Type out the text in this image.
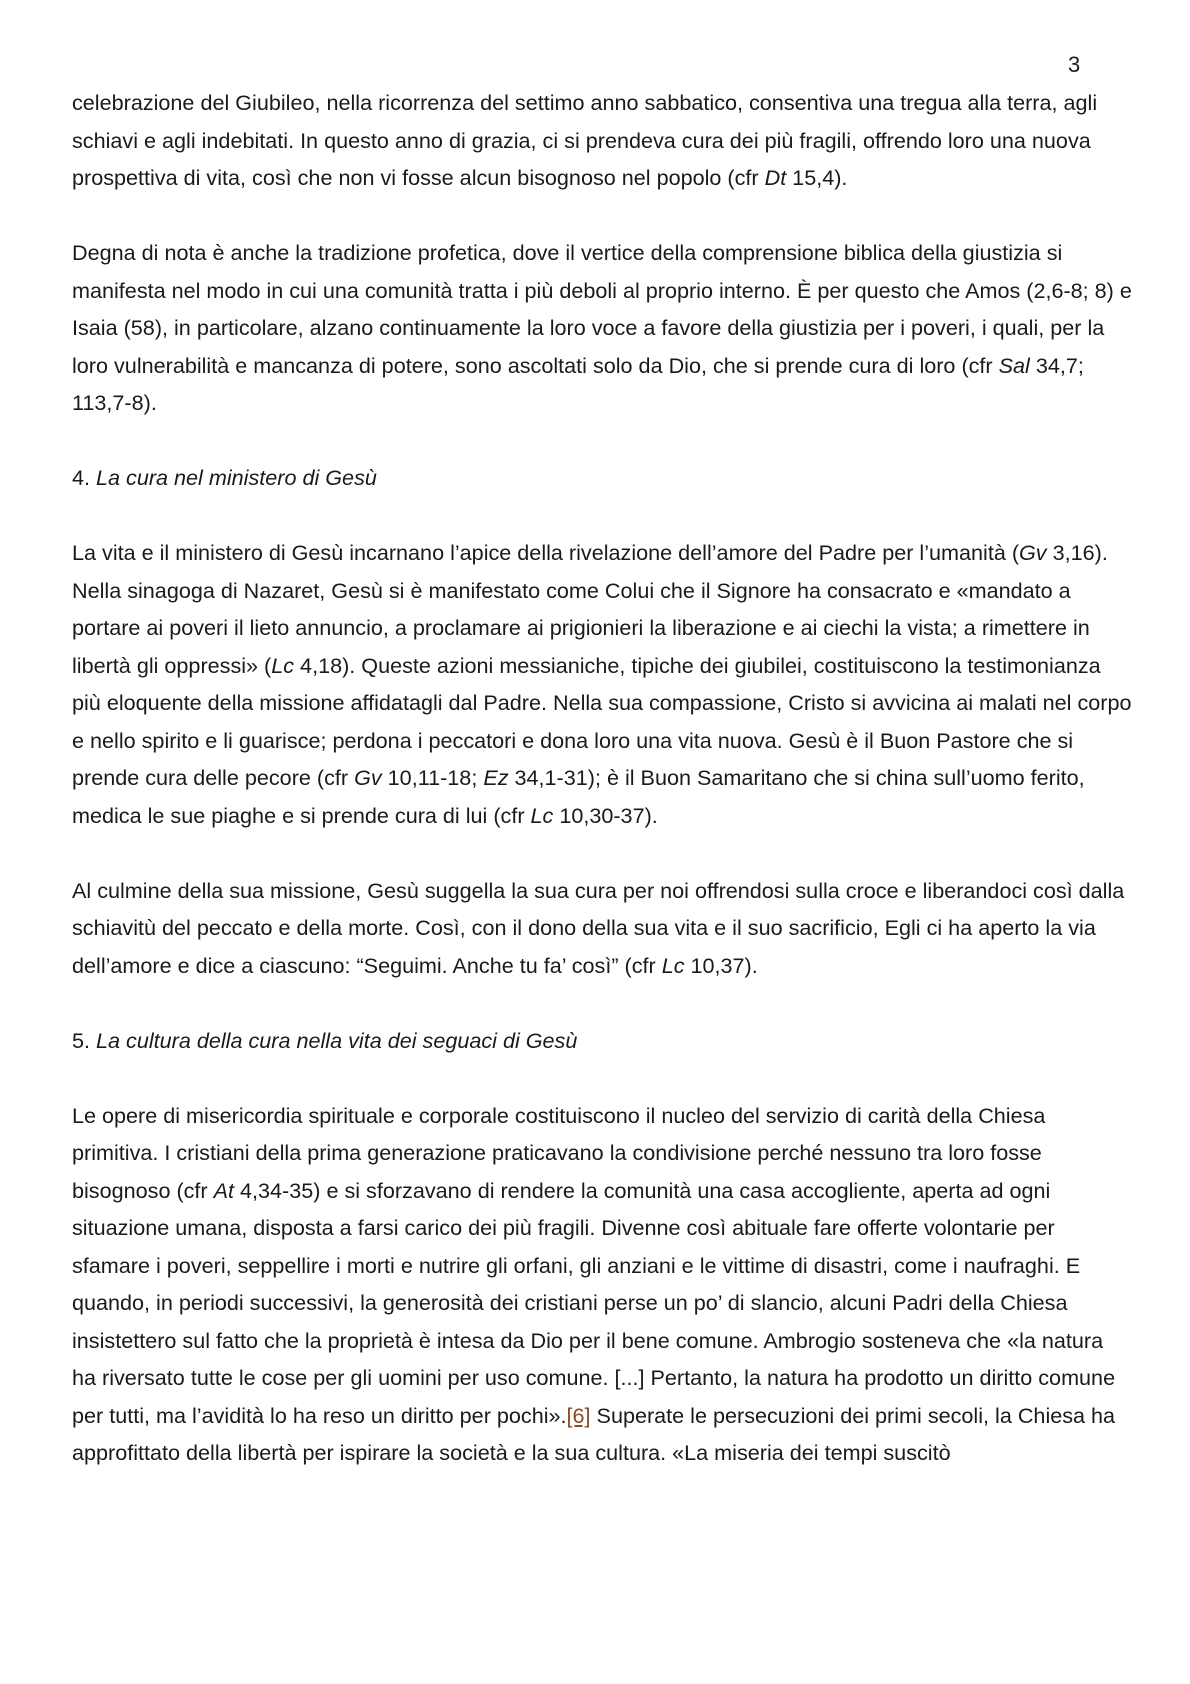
3

celebrazione del Giubileo, nella ricorrenza del settimo anno sabbatico, consentiva una tregua alla terra, agli schiavi e agli indebitati. In questo anno di grazia, ci si prendeva cura dei più fragili, offrendo loro una nuova prospettiva di vita, così che non vi fosse alcun bisognoso nel popolo (cfr Dt 15,4).

Degna di nota è anche la tradizione profetica, dove il vertice della comprensione biblica della giustizia si manifesta nel modo in cui una comunità tratta i più deboli al proprio interno. È per questo che Amos (2,6-8; 8) e Isaia (58), in particolare, alzano continuamente la loro voce a favore della giustizia per i poveri, i quali, per la loro vulnerabilità e mancanza di potere, sono ascoltati solo da Dio, che si prende cura di loro (cfr Sal 34,7; 113,7-8).

4. La cura nel ministero di Gesù

La vita e il ministero di Gesù incarnano l’apice della rivelazione dell’amore del Padre per l’umanità (Gv 3,16). Nella sinagoga di Nazaret, Gesù si è manifestato come Colui che il Signore ha consacrato e «mandato a portare ai poveri il lieto annuncio, a proclamare ai prigionieri la liberazione e ai ciechi la vista; a rimettere in libertà gli oppressi» (Lc 4,18). Queste azioni messianiche, tipiche dei giubilei, costituiscono la testimonianza più eloquente della missione affidatagli dal Padre. Nella sua compassione, Cristo si avvicina ai malati nel corpo e nello spirito e li guarisce; perdona i peccatori e dona loro una vita nuova. Gesù è il Buon Pastore che si prende cura delle pecore (cfr Gv 10,11-18; Ez 34,1-31); è il Buon Samaritano che si china sull’uomo ferito, medica le sue piaghe e si prende cura di lui (cfr Lc 10,30-37).

Al culmine della sua missione, Gesù suggella la sua cura per noi offrendosi sulla croce e liberandoci così dalla schiavitù del peccato e della morte. Così, con il dono della sua vita e il suo sacrificio, Egli ci ha aperto la via dell’amore e dice a ciascuno: “Seguimi. Anche tu fa’ così” (cfr Lc 10,37).

5. La cultura della cura nella vita dei seguaci di Gesù

Le opere di misericordia spirituale e corporale costituiscono il nucleo del servizio di carità della Chiesa primitiva. I cristiani della prima generazione praticavano la condivisione perché nessuno tra loro fosse bisognoso (cfr At 4,34-35) e si sforzavano di rendere la comunità una casa accogliente, aperta ad ogni situazione umana, disposta a farsi carico dei più fragili. Divenne così abituale fare offerte volontarie per sfamare i poveri, seppellire i morti e nutrire gli orfani, gli anziani e le vittime di disastri, come i naufraghi. E quando, in periodi successivi, la generosità dei cristiani perse un po’ di slancio, alcuni Padri della Chiesa insistettero sul fatto che la proprietà è intesa da Dio per il bene comune. Ambrogio sosteneva che «la natura ha riversato tutte le cose per gli uomini per uso comune. [...] Pertanto, la natura ha prodotto un diritto comune per tutti, ma l’avidità lo ha reso un diritto per pochi».[6] Superate le persecuzioni dei primi secoli, la Chiesa ha approfittato della libertà per ispirare la società e la sua cultura. «La miseria dei tempi suscitò
